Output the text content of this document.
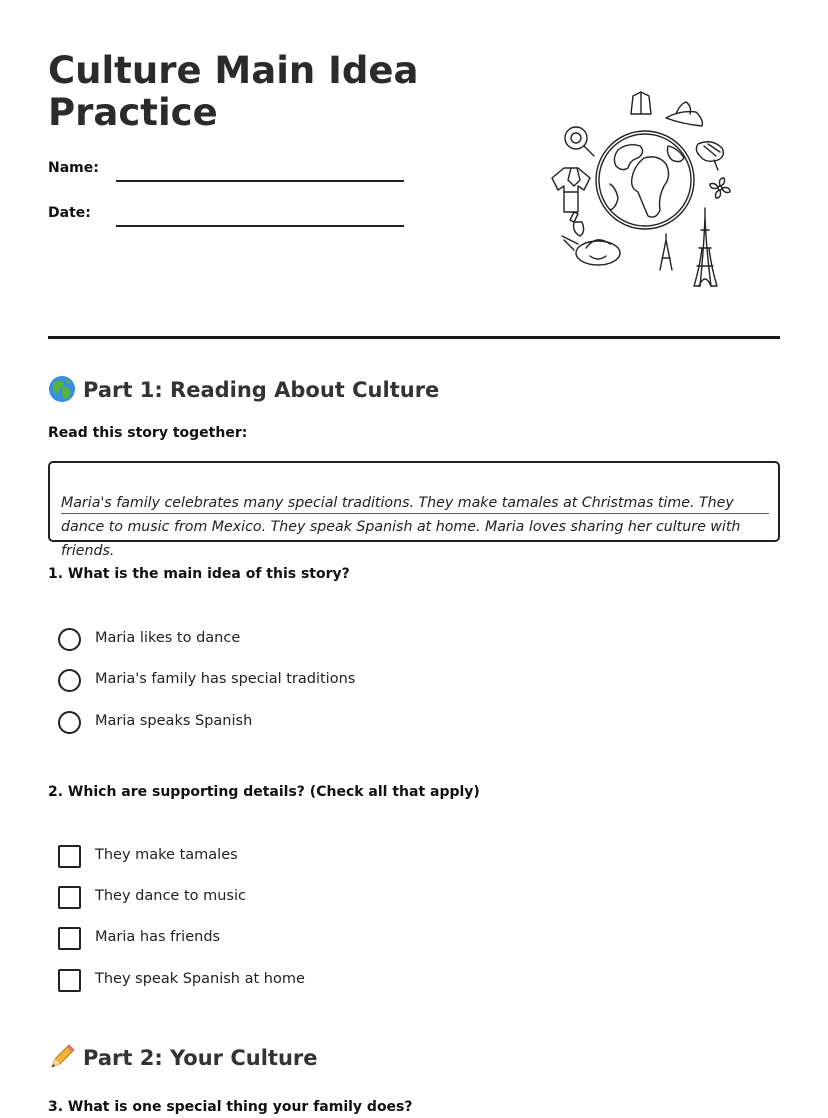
Culture Main Idea Practice
Name:
Date:
Part 1: Reading About Culture
Read this story together:

Maria's family celebrates many special traditions. They make tamales at Christmas time. They dance to music from Mexico. They speak Spanish at home. Maria loves sharing her culture with friends.

1. What is the main idea of this story?
Maria likes to dance
Maria's family has special traditions
Maria speaks Spanish
2. Which are supporting details? (Check all that apply)
They make tamales
They dance to music
Maria has friends
They speak Spanish at home
Part 2: Your Culture
3. What is one special thing your family does?
